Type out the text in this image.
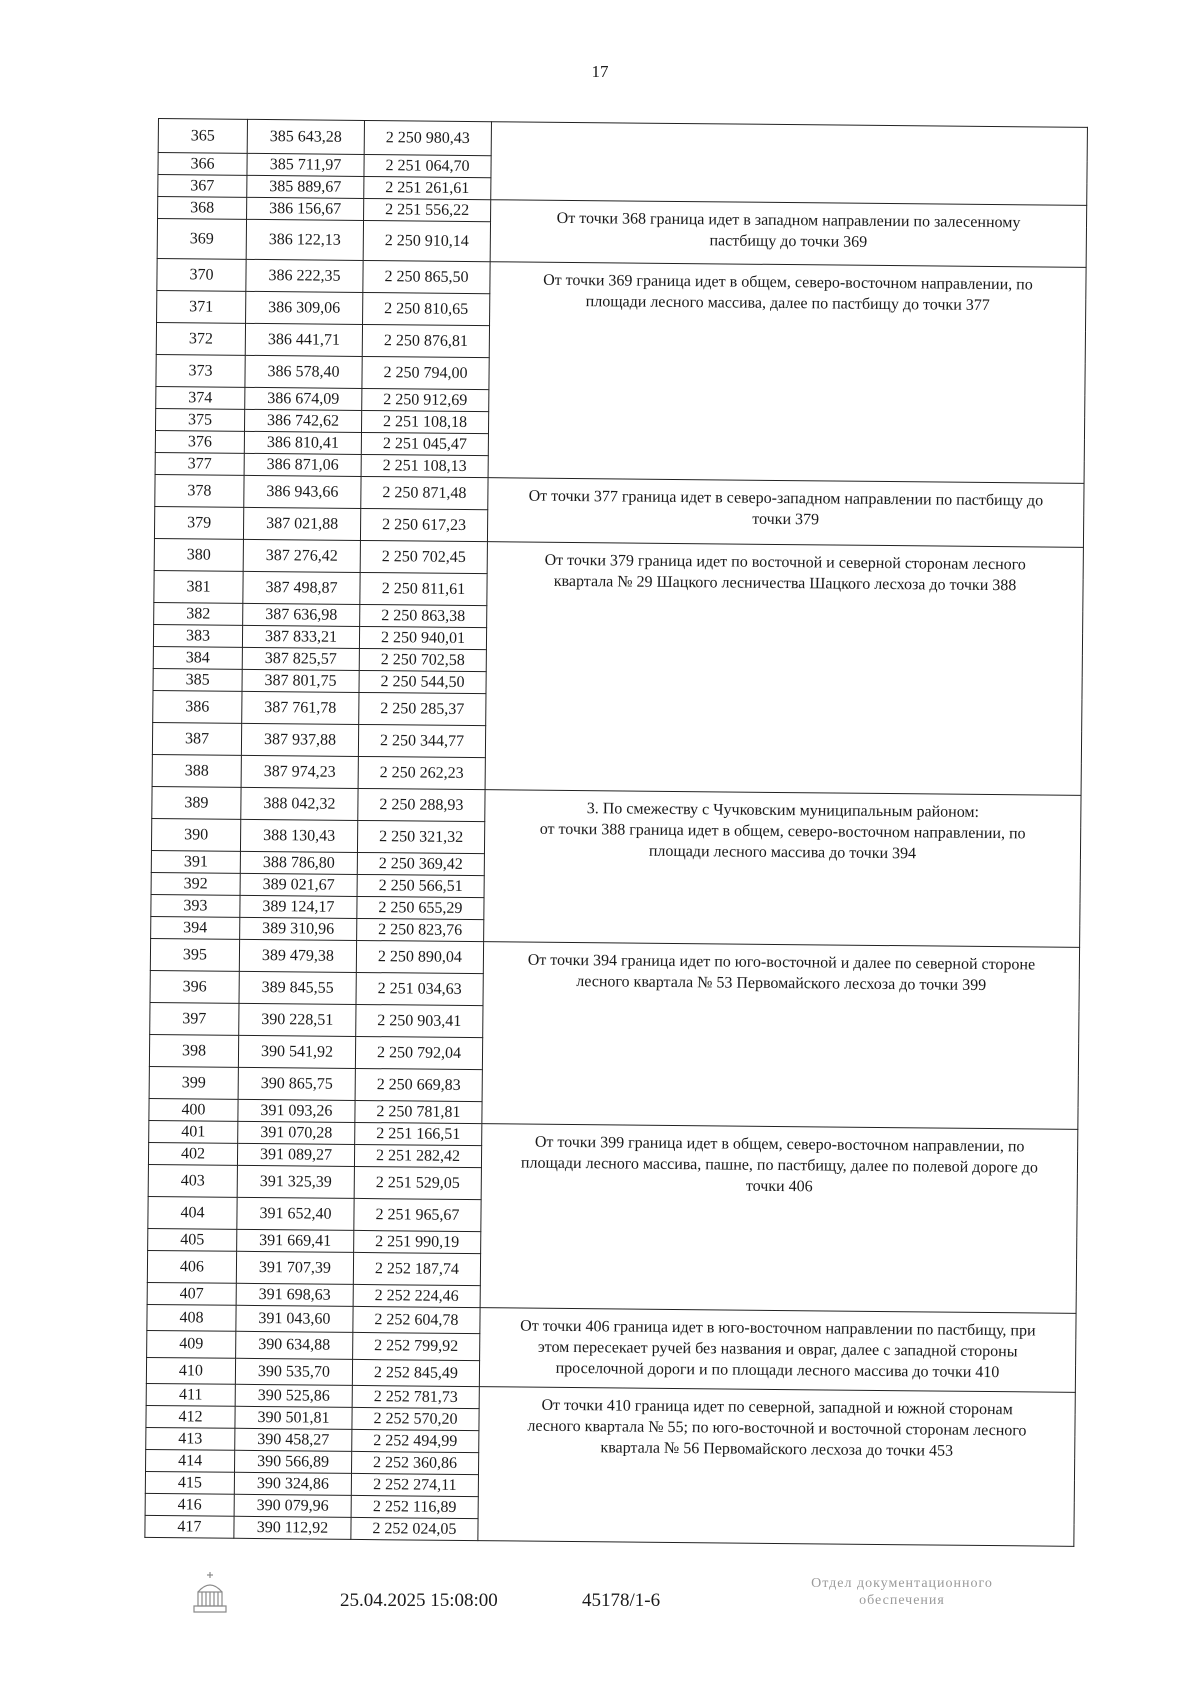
17
365	385 643,28	2 250 980,43	
366	385 711,97	2 251 064,70	
367	385 889,67	2 251 261,61	
368	386 156,67	2 251 556,22	От точки 368 граница идет в западном направлении по залесенному
пастбищу до точки 369

369	386 122,13	2 250 910,14	
370	386 222,35	2 250 865,50	От точки 369 граница идет в общем, северо-восточном направлении, по
площади лесного массива, далее по пастбищу до точки 377

371	386 309,06	2 250 810,65	
372	386 441,71	2 250 876,81	
373	386 578,40	2 250 794,00	
374	386 674,09	2 250 912,69	
375	386 742,62	2 251 108,18	
376	386 810,41	2 251 045,47	
377	386 871,06	2 251 108,13	
378	386 943,66	2 250 871,48	От точки 377 граница идет в северо-западном направлении по пастбищу до
точки 379

379	387 021,88	2 250 617,23	
380	387 276,42	2 250 702,45	От точки 379 граница идет по восточной и северной сторонам лесного
квартала № 29 Шацкого лесничества Шацкого лесхоза до точки 388

381	387 498,87	2 250 811,61	
382	387 636,98	2 250 863,38	
383	387 833,21	2 250 940,01	
384	387 825,57	2 250 702,58	
385	387 801,75	2 250 544,50	
386	387 761,78	2 250 285,37	
387	387 937,88	2 250 344,77	
388	387 974,23	2 250 262,23	
389	388 042,32	2 250 288,93	3. По смежеству с Чучковским муниципальным районом:
от точки 388 граница идет в общем, северо-восточном направлении, по
площади лесного массива до точки 394

390	388 130,43	2 250 321,32	
391	388 786,80	2 250 369,42	
392	389 021,67	2 250 566,51	
393	389 124,17	2 250 655,29	
394	389 310,96	2 250 823,76	
395	389 479,38	2 250 890,04	От точки 394 граница идет по юго-восточной и далее по северной стороне
лесного квартала № 53 Первомайского лесхоза до точки 399

396	389 845,55	2 251 034,63	
397	390 228,51	2 250 903,41	
398	390 541,92	2 250 792,04	
399	390 865,75	2 250 669,83	
400	391 093,26	2 250 781,81	
401	391 070,28	2 251 166,51	От точки 399 граница идет в общем, северо-восточном направлении, по
площади лесного массива, пашне, по пастбищу, далее по полевой дороге до
точки 406

402	391 089,27	2 251 282,42	
403	391 325,39	2 251 529,05	
404	391 652,40	2 251 965,67	
405	391 669,41	2 251 990,19	
406	391 707,39	2 252 187,74	
407	391 698,63	2 252 224,46	
408	391 043,60	2 252 604,78	От точки 406 граница идет в юго-восточном направлении по пастбищу, при
этом пересекает ручей без названия и овраг, далее с западной стороны
проселочной дороги и по площади лесного массива до точки 410

409	390 634,88	2 252 799,92	
410	390 535,70	2 252 845,49	
411	390 525,86	2 252 781,73	От точки 410 граница идет по северной, западной и южной сторонам
лесного квартала № 55; по юго-восточной и восточной сторонам лесного
квартала № 56 Первомайского лесхоза до точки 453

412	390 501,81	2 252 570,20	
413	390 458,27	2 252 494,99	
414	390 566,89	2 252 360,86	
415	390 324,86	2 252 274,11	
416	390 079,96	2 252 116,89	
417	390 112,92	2 252 024,05	
25.04.2025 15:08:00	45178/1-6
Отдел документационного
обеспечения
